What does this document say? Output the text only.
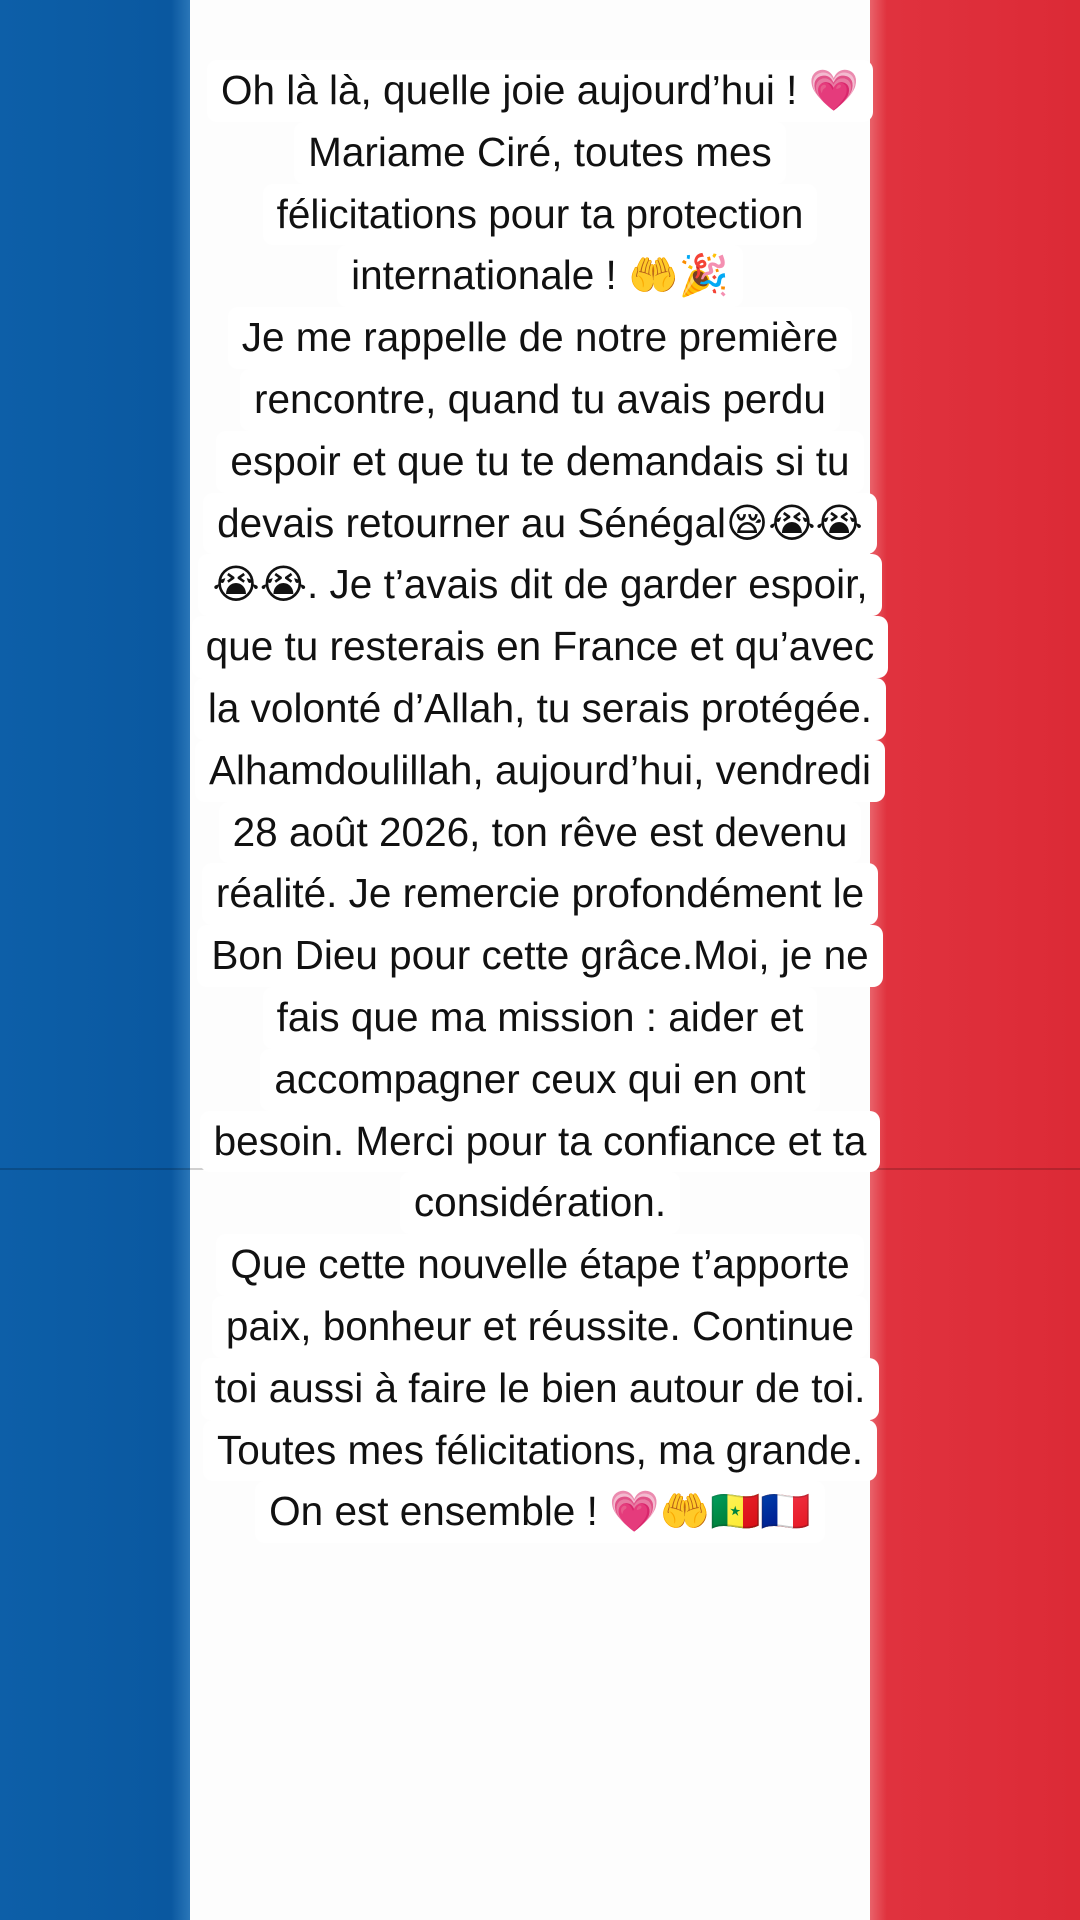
Oh là là, quelle joie aujourd’hui ! 💗
Mariame Ciré, toutes mes
félicitations pour ta protection
internationale ! 🤲🎉
Je me rappelle de notre première
rencontre, quand tu avais perdu
espoir et que tu te demandais si tu
devais retourner au Sénégal😪😭😭
😭😭. Je t’avais dit de garder espoir,
que tu resterais en France et qu’avec
la volonté d’Allah, tu serais protégée.
Alhamdoulillah, aujourd’hui, vendredi
28 août 2026, ton rêve est devenu
réalité. Je remercie profondément le
Bon Dieu pour cette grâce.Moi, je ne
fais que ma mission : aider et
accompagner ceux qui en ont
besoin. Merci pour ta confiance et ta
considération.
Que cette nouvelle étape t’apporte
paix, bonheur et réussite. Continue
toi aussi à faire le bien autour de toi.
Toutes mes félicitations, ma grande.
On est ensemble ! 💗🤲🇸🇳🇫🇷
